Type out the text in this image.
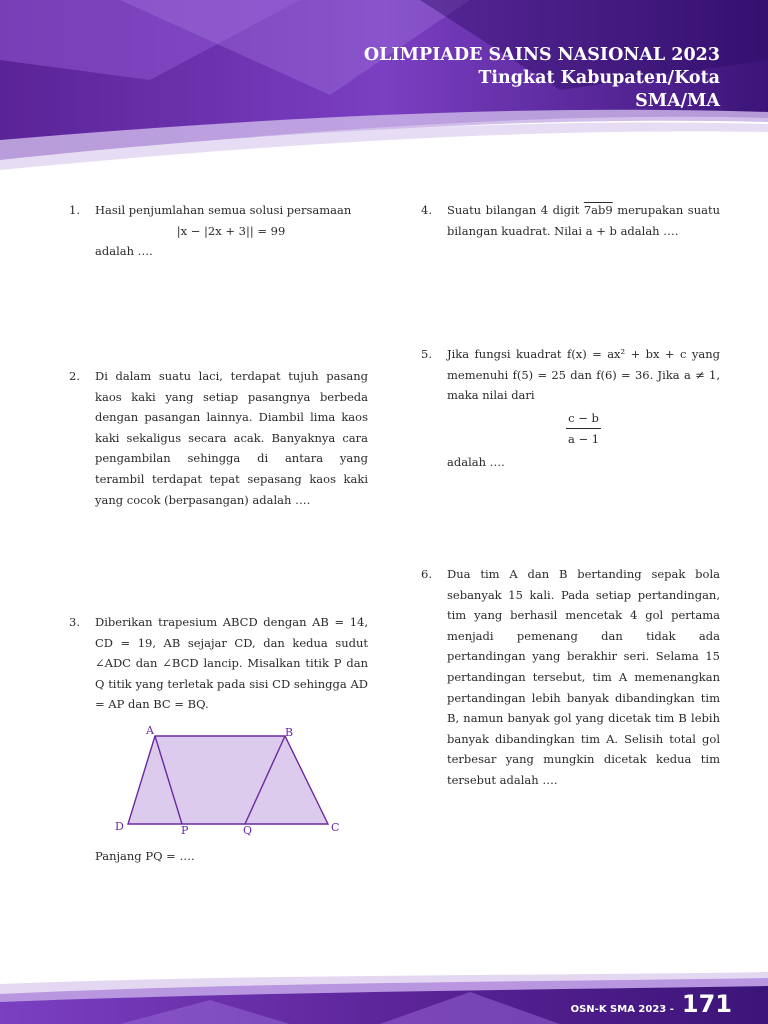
OLIMPIADE SAINS NASIONAL 2023
Tingkat Kabupaten/Kota
SMA/MA
1. Hasil penjumlahan semua solusi persamaan
|x − |2x + 3|| = 99
adalah ….
2. Di dalam suatu laci, terdapat tujuh pasang kaos kaki yang setiap pasangnya berbeda dengan pasangan lainnya. Diambil lima kaos kaki sekaligus secara acak. Banyaknya cara pengambilan sehingga di antara yang terambil terdapat tepat sepasang kaos kaki yang cocok (berpasangan) adalah ….
3. Diberikan trapesium ABCD dengan AB = 14, CD = 19, AB sejajar CD, dan kedua sudut ∠ADC dan ∠BCD lancip. Misalkan titik P dan Q titik yang terletak pada sisi CD sehingga AD = AP dan BC = BQ.
A	B
D	P	Q	C
Panjang PQ = ….
4. Suatu bilangan 4 digit 7ab9 merupakan suatu bilangan kuadrat. Nilai a + b adalah ….
5. Jika fungsi kuadrat f(x) = ax² + bx + c yang memenuhi f(5) = 25 dan f(6) = 36. Jika a ≠ 1, maka nilai dari
$\frac{c - b}{a - 1}$
adalah ….
6. Dua tim A dan B bertanding sepak bola sebanyak 15 kali. Pada setiap pertandingan, tim yang berhasil mencetak 4 gol pertama menjadi pemenang dan tidak ada pertandingan yang berakhir seri. Selama 15 pertandingan tersebut, tim A memenangkan pertandingan lebih banyak dibandingkan tim B, namun banyak gol yang dicetak tim B lebih banyak dibandingkan tim A. Selisih total gol terbesar yang mungkin dicetak kedua tim tersebut adalah ….
OSN-K SMA 2023 - 171
